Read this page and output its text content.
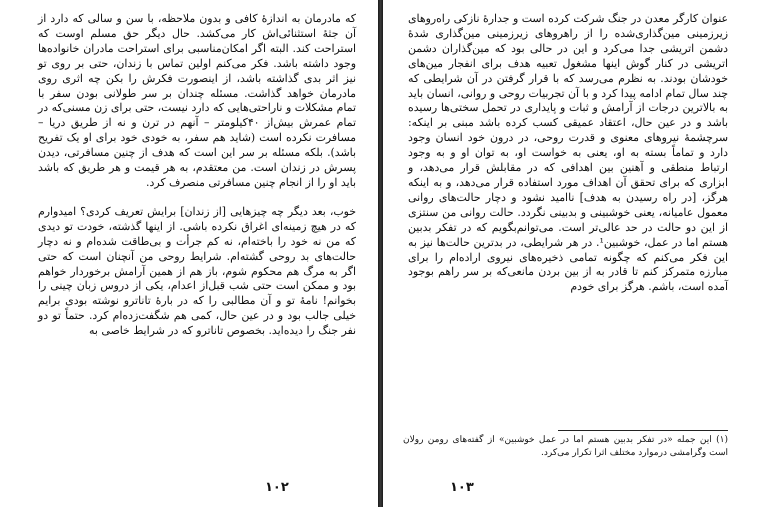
که مادرمان به اندازهٔ کافی و بدون ملاحظه، با سن و سالی که دارد از آن جثهٔ استثنائی‌اش کار می‌کشد. حال دیگر حق مسلم اوست که استراحت کند. البته اگر امکان‌مناسبی برای استراحت مادران خانواده‌ها وجود داشته باشد. فکر می‌کنم اولین تماس با زندان، حتی بر روی تو نیز اثر بدی گذاشته باشد، از اینصورت فکرش را بکن چه اثری روی مادرمان خواهد گذاشت. مسئله چندان بر سر طولانی بودن سفر با تمام مشکلات و ناراحتی‌هایی که دارد نیست، حتی برای زن مسنی‌که در تمام عمرش بیش‌از ۴۰کیلومتر – آنهم در ترن و نه از طریق دریا – مسافرت نکرده است (شاید هم سفر، به خودی خود برای او یک تفریح باشد). بلکه مسئله بر سر این است که هدف از چنین مسافرتی، دیدن پسرش در زندان است. من معتقدم، به هر قیمت و هر طریق که باشد باید او را از انجام چنین مسافرتی منصرف کرد.

خوب، بعد دیگر چه چیزهایی [از زندان] برایش تعریف کردی؟ امیدوارم که در هیچ زمینه‌ای اغراق نکرده باشی. از اینها گذشته، خودت تو دیدی که من نه خود را باخته‌ام، نه کم جرأت و بی‌طاقت شده‌ام و نه دچار حالت‌های بد روحی گشته‌ام. شرایط روحی من آنچنان است که حتی اگر به مرگ هم محکوم شوم، باز هم از همین آرامش برخوردار خواهم بود و ممکن است حتی شب قبل‌از اعدام، یکی از دروس زبان چینی را بخوانم! نامهٔ تو و آن مطالبی را که در بارهٔ تاناترو نوشته بودی برایم خیلی جالب بود و در عین حال، کمی هم شگفت‌زده‌ام کرد. حتماً تو دو نفر جنگ را دیده‌اید. بخصوص تاناترو که در شرایط خاصی به

۱۰۲

عنوان کارگر معدن در جنگ شرکت کرده است و جدارهٔ نازکی راه‌روهای زیرزمینی مین‌گذاری‌شده را از راهرو‌های زیرزمینی مین‌گذاری شدهٔ دشمن اتریشی جدا می‌کرد و این در حالی بود که مین‌گذاران دشمن اتریشی در کنار گوش اینها مشغول تعبیه هدف برای انفجار مین‌های خودشان بودند. به نظرم می‌رسد که با قرار گرفتن در آن شرایطی که چند سال تمام ادامه پیدا کرد و با آن تجربیات روحی و روانی، انسان باید به بالاترین درجات از آرامش و ثبات و پایداری در تحمل سختی‌ها رسیده باشد و در عین حال، اعتقاد عمیقی کسب کرده باشد مبنی بر اینکه: سرچشمهٔ نیروهای معنوی و قدرت روحی، در درون خود انسان وجود دارد و تماماً بسته به او، یعنی به خواست او، به توان او و به وجود ارتباط منطقی و آهنین بین اهدافی که در مقابلش قرار می‌دهد، و ابزاری که برای تحقق آن اهداف مورد استفاده قرار می‌دهد، و به اینکه هرگز، [در راه رسیدن به هدف] ناامید نشود و دچار حالت‌های روانی معمول عامیانه، یعنی خوشبینی و بدبینی نگردد. حالت روانی من سنتزی از این دو حالت در حد عالی‌تر است. می‌توانم‌بگویم که در تفکر بدبین هستم اما در عمل، خوشبین¹. در هر شرایطی، در بدترین حالت‌ها نیز به این فکر می‌کنم که چگونه تمامی ذخیره‌های نیروی اراده‌ام را برای مبارزه متمرکز کنم تا قادر به از بین بردن مانعی‌که بر سر راهم بوجود آمده است، باشم. هرگز برای خودم

(۱) این جمله «در تفکر بدبین هستم اما در عمل خوشبین» از گفته‌های رومن رولان است وگرامشی درموارد مختلف اثرا تکرار می‌کرد.

۱۰۳
